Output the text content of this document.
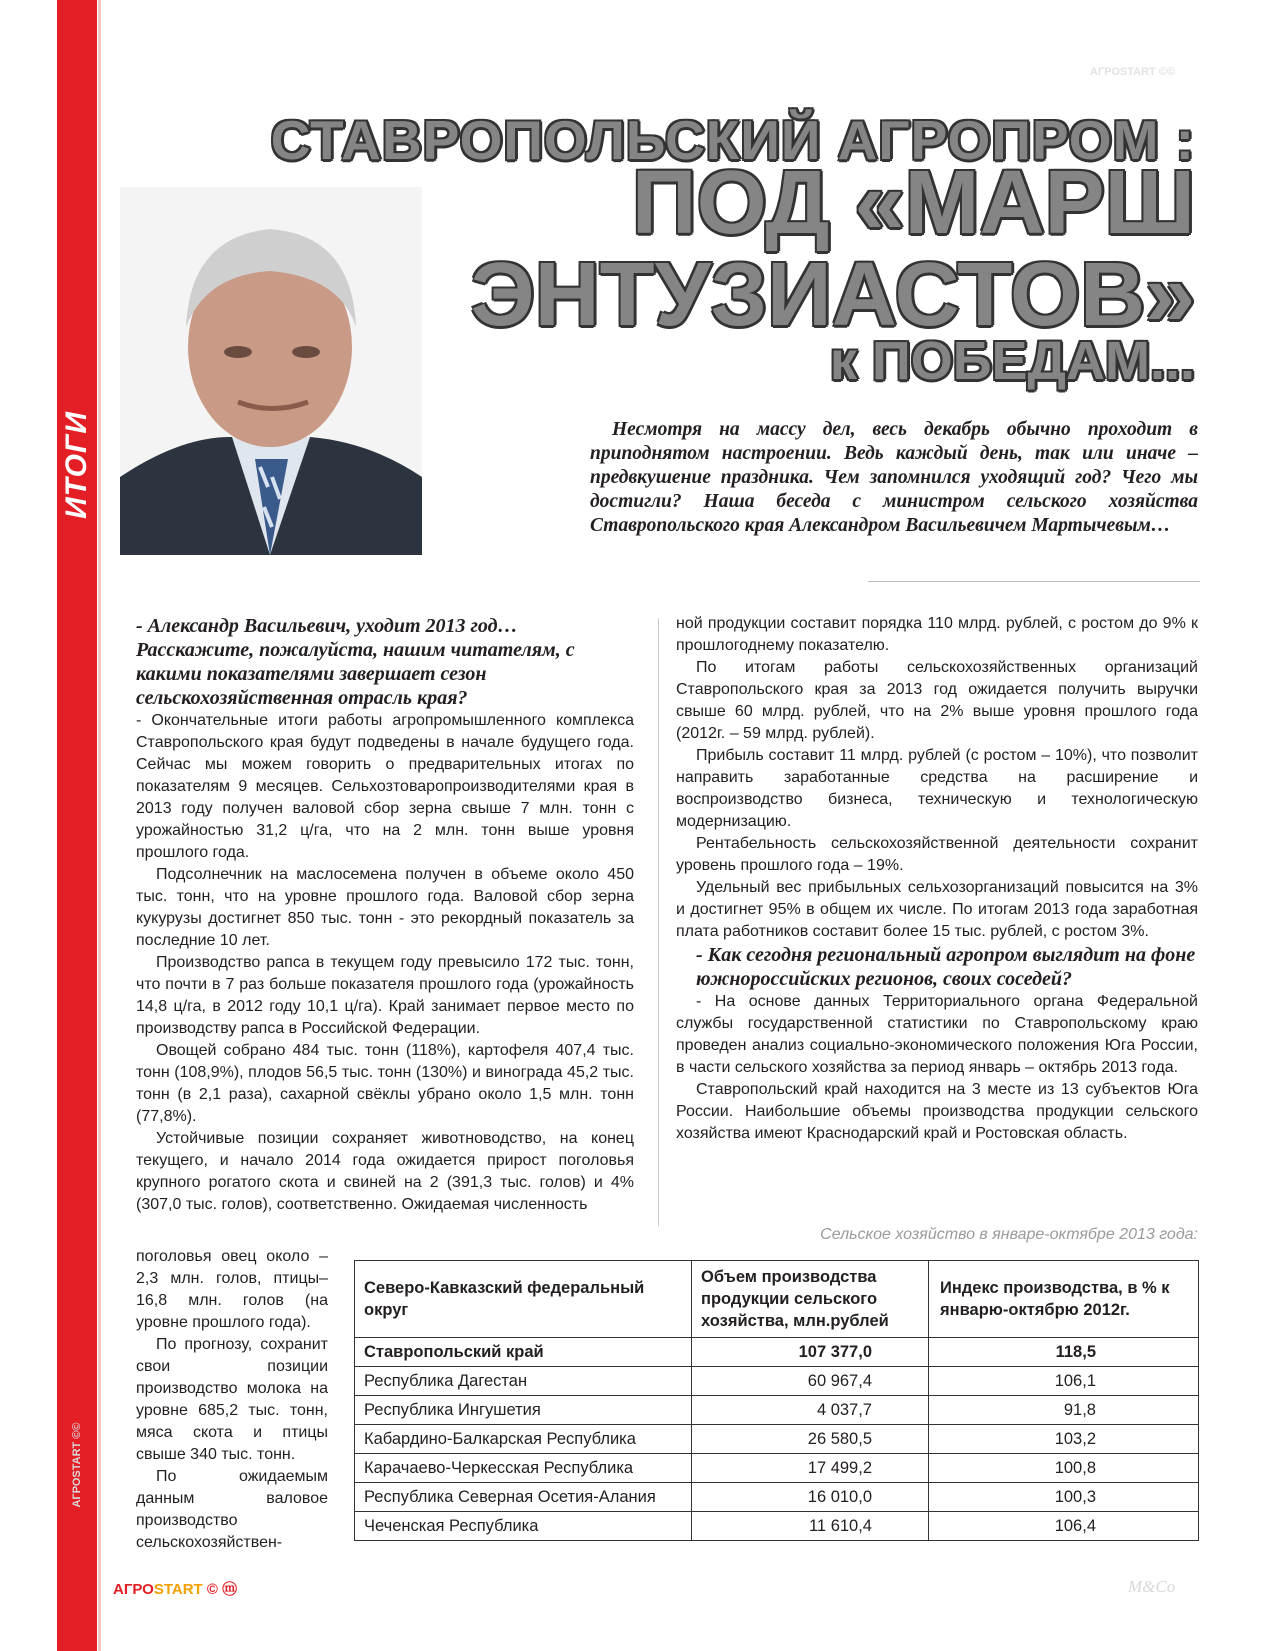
ИТОГИ
АГРОSTART ©©
АГРОSTART ©©
СТАВРОПОЛЬСКИЙ АГРОПРОМ :
ПОД «МАРШ
ЭНТУЗИАСТОВ»
к ПОБЕДАМ...
Несмотря на массу дел, весь декабрь обычно проходит в приподнятом настроении. Ведь каждый день, так или иначе – предвкушение праздника. Чем запомнился уходящий год? Чего мы достигли? Наша беседа с министром сельского хозяйства Ставропольского края Александром Васильевичем Мартычевым…
- Александр Васильевич, уходит 2013 год… Расскажите, пожалуйста, нашим читателям, с какими показателями завершает сезон сельскохозяйственная отрасль края?

- Окончательные итоги работы агропромышленного комплекса Ставропольского края будут подведены в начале будущего года. Сейчас мы можем говорить о предварительных итогах по показателям 9 месяцев. Сельхозтоваропроизводителями края в 2013 году получен валовой сбор зерна свыше 7 млн. тонн с урожайностью 31,2 ц/га, что на 2 млн. тонн выше уровня прошлого года.

Подсолнечник на маслосемена получен в объеме около 450 тыс. тонн, что на уровне прошлого года. Валовой сбор зерна кукурузы достигнет 850 тыс. тонн - это рекордный показатель за последние 10 лет.

Производство рапса в текущем году превысило 172 тыс. тонн, что почти в 7 раз больше показателя прошлого года (урожайность 14,8 ц/га, в 2012 году 10,1 ц/га). Край занимает первое место по производству рапса в Российской Федерации.

Овощей собрано 484 тыс. тонн (118%), картофеля 407,4 тыс. тонн (108,9%), плодов 56,5 тыс. тонн (130%) и винограда 45,2 тыс. тонн (в 2,1 раза), сахарной свёклы убрано около 1,5 млн. тонн (77,8%).

Устойчивые позиции сохраняет животноводство, на конец текущего, и начало 2014 года ожидается прирост поголовья крупного рогатого скота и свиней на 2 (391,3 тыс. голов) и 4% (307,0 тыс. голов), соответственно. Ожидаемая численность

поголовья овец около – 2,3 млн. голов, птицы– 16,8 млн. голов (на уровне прошлого года).

По прогнозу, сохранит свои позиции производство молока на уровне 685,2 тыс. тонн, мяса скота и птицы свыше 340 тыс. тонн.

По ожидаемым данным валовое производство сельскохозяйствен-

ной продукции составит порядка 110 млрд. рублей, с ростом до 9% к прошлогоднему показателю.

По итогам работы сельскохозяйственных организаций Ставропольского края за 2013 год ожидается получить выручки свыше 60 млрд. рублей, что на 2% выше уровня прошлого года (2012г. – 59 млрд. рублей).

Прибыль составит 11 млрд. рублей (с ростом – 10%), что позволит направить заработанные средства на расширение и воспроизводство бизнеса, техническую и технологическую модернизацию.

Рентабельность сельскохозяйственной деятельности сохранит уровень прошлого года – 19%.

Удельный вес прибыльных сельхозорганизаций повысится на 3% и достигнет 95% в общем их числе. По итогам 2013 года заработная плата работников составит более 15 тыс. рублей, с ростом 3%.

- Как сегодня региональный агропром выглядит на фоне южнороссийских регионов, своих соседей?

- На основе данных Территориального органа Федеральной службы государственной статистики по Ставропольскому краю проведен анализ социально-экономического положения Юга России, в части сельского хозяйства за период январь – октябрь 2013 года.

Ставропольский край находится на 3 месте из 13 субъектов Юга России. Наибольшие объемы производства продукции сельского хозяйства имеют Краснодарский край и Ростовская область.

Сельское хозяйство в январе-октябре 2013 года:
Северо-Кавказский федеральный округ	Объем производства продукции сельского хозяйства, млн.рублей	Индекс производства, в % к январю-октябрю 2012г.
Ставропольский край	107 377,0	118,5
Республика Дагестан	60 967,4	106,1
Республика Ингушетия	4 037,7	91,8
Кабардино-Балкарская Республика	26 580,5	103,2
Карачаево-Черкесская Республика	17 499,2	100,8
Республика Северная Осетия-Алания	16 010,0	100,3
Чеченская Республика	11 610,4	106,4
АГРОSTART © ⓜ	M&Co
